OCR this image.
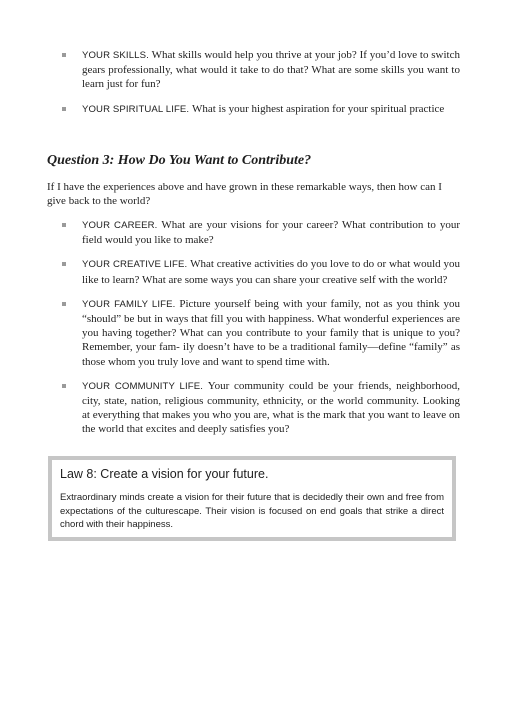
YOUR SKILLS. What skills would help you thrive at your job? If you’d love to switch gears professionally, what would it take to do that? What are some skills you want to learn just for fun?
YOUR SPIRITUAL LIFE. What is your highest aspiration for your spiritual practice
Question 3: How Do You Want to Contribute?

If I have the experiences above and have grown in these remarkable ways, then how can I give back to the world?

YOUR CAREER. What are your visions for your career? What contribution to your field would you like to make?
YOUR CREATIVE LIFE. What creative activities do you love to do or what would you like to learn? What are some ways you can share your creative self with the world?
YOUR FAMILY LIFE. Picture yourself being with your family, not as you think you “should” be but in ways that fill you with happiness. What wonderful experiences are you having together? What can you contribute to your family that is unique to you? Remember, your fam- ily doesn’t have to be a traditional family—define “family” as those whom you truly love and want to spend time with.
YOUR COMMUNITY LIFE. Your community could be your friends, neighborhood, city, state, nation, religious community, ethnicity, or the world community. Looking at everything that makes you who you are, what is the mark that you want to leave on the world that excites and deeply satisfies you?

Law 8: Create a vision for your future.

Extraordinary minds create a vision for their future that is decidedly their own and free from expectations of the culturescape. Their vision is focused on end goals that strike a direct chord with their happiness.
